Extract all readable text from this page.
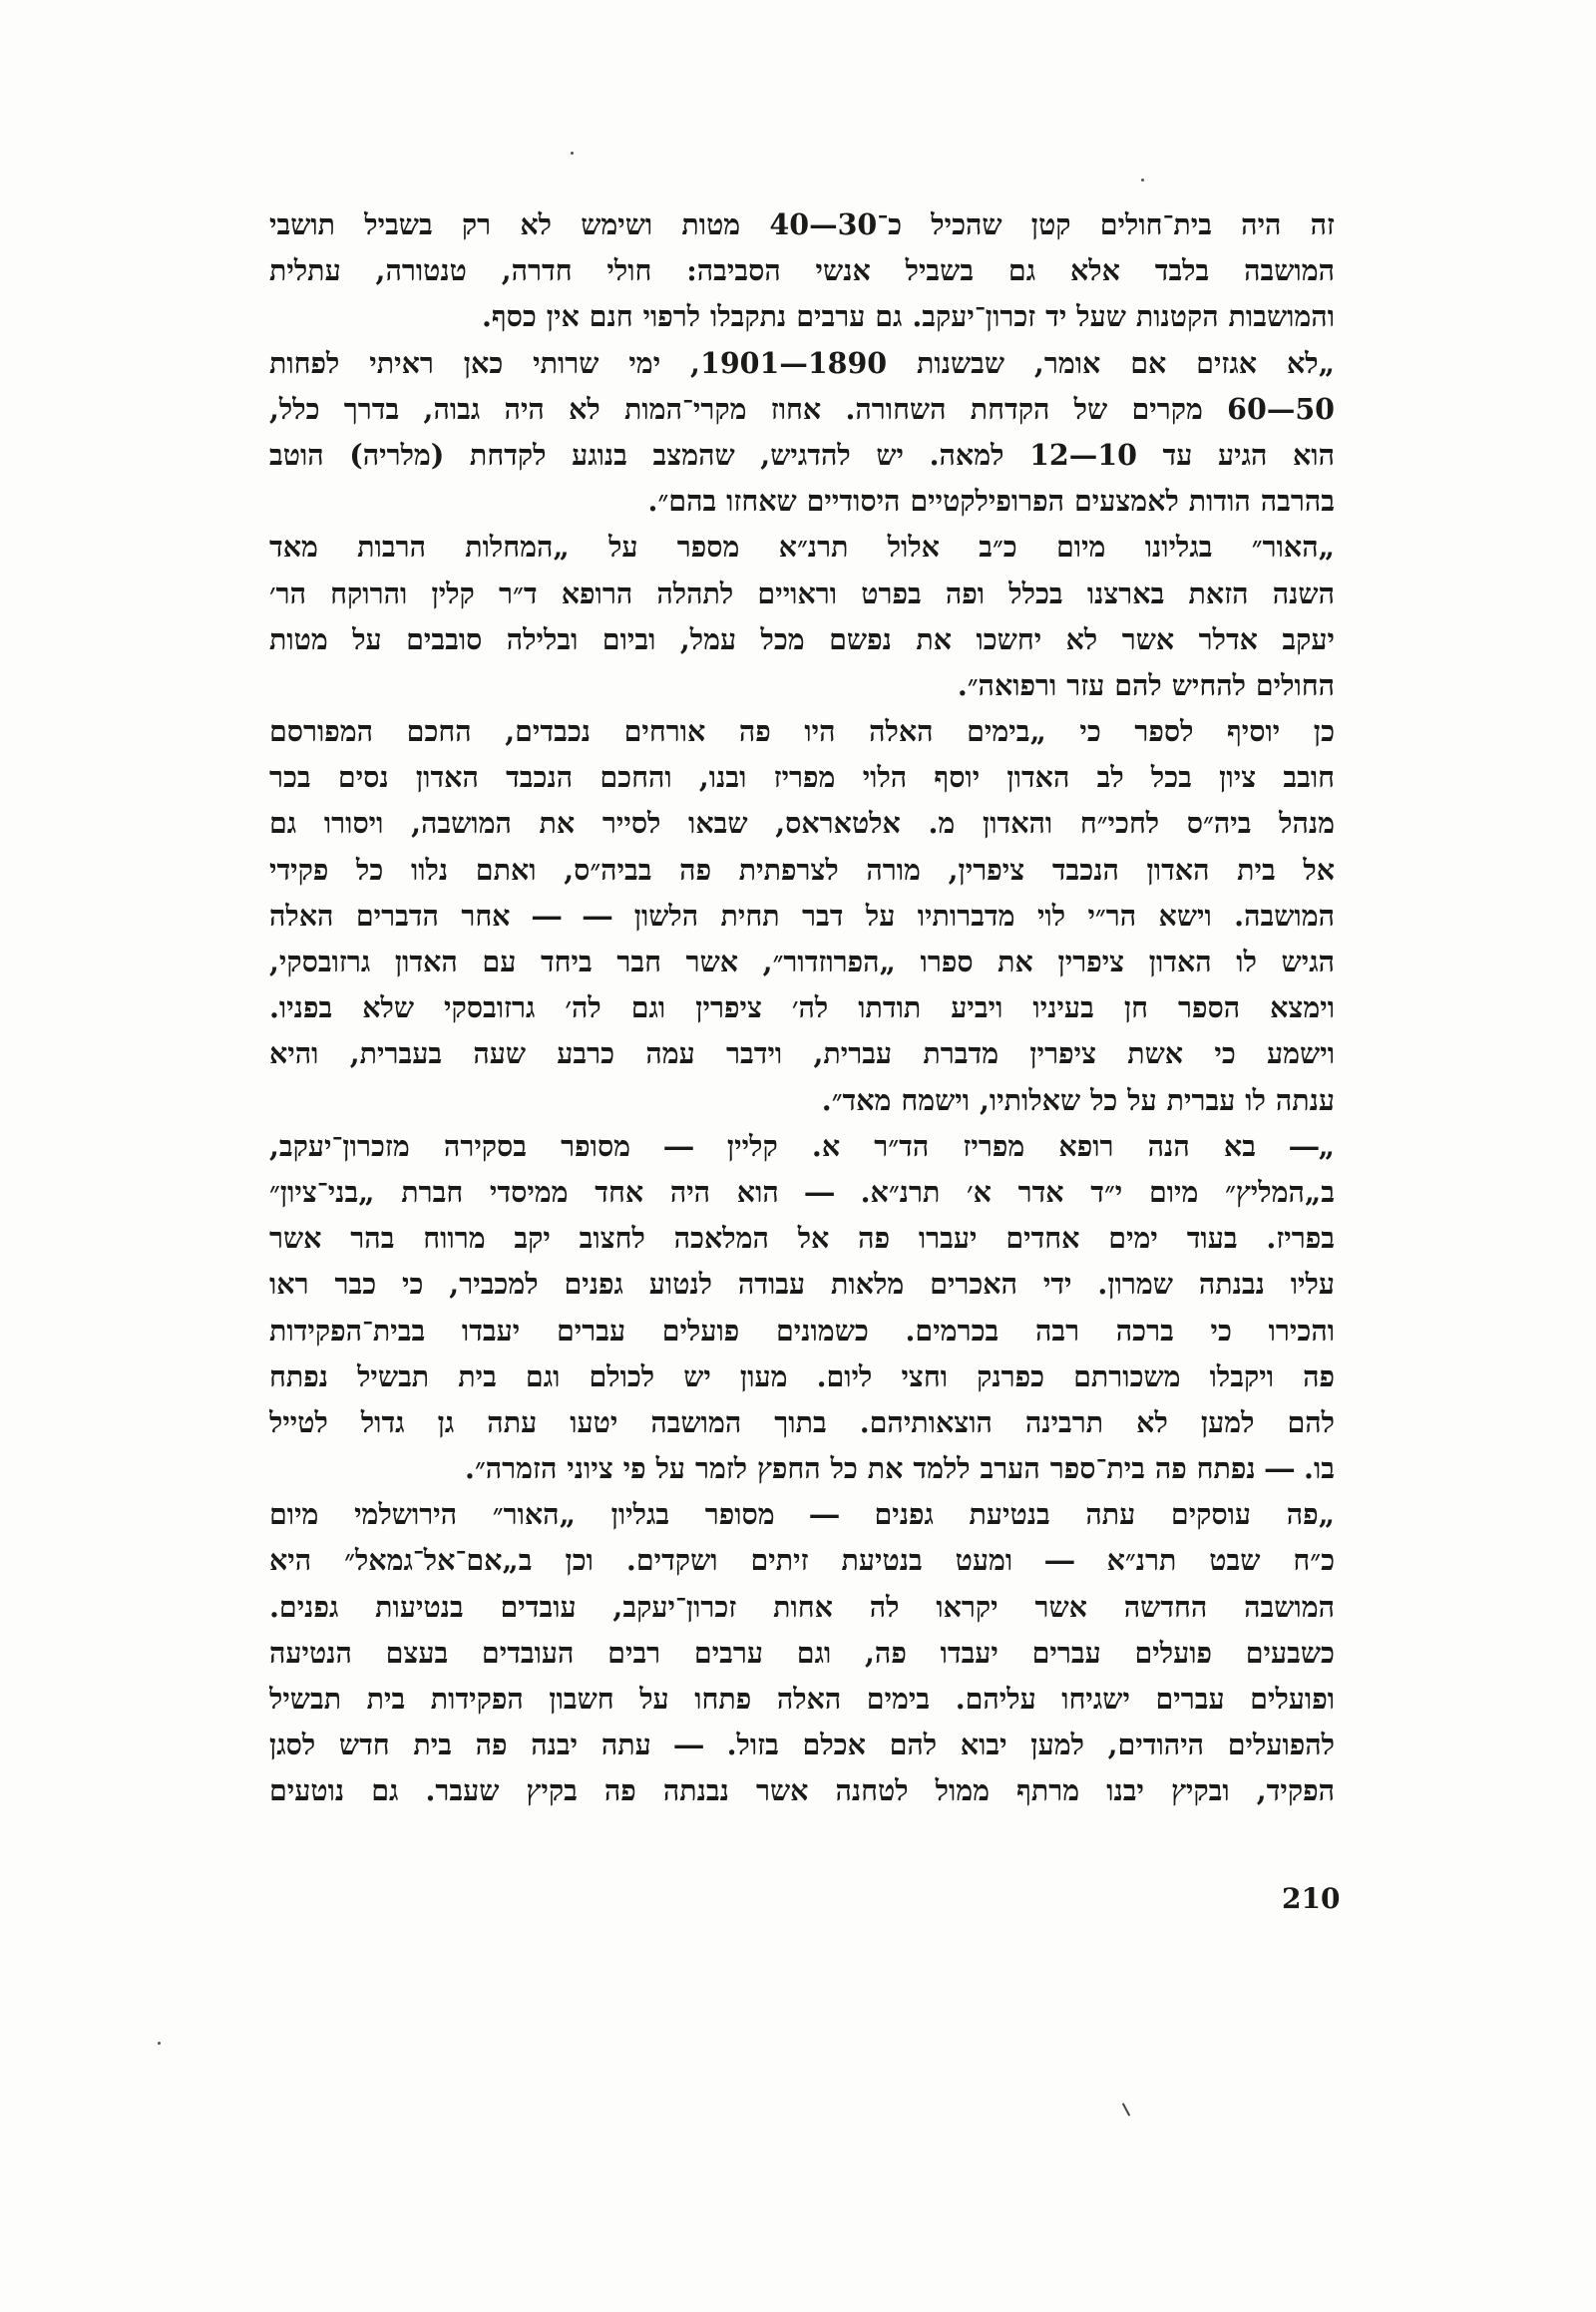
זה היה בית־חולים קטן שהכיל כ־30—40 מטות ושימש לא רק בשביל תושבי
המושבה בלבד אלא גם בשביל אנשי הסביבה: חולי חדרה, טנטורה, עתלית
והמושבות הקטנות שעל יד זכרון־יעקב. גם ערבים נתקבלו לרפוי חנם אין כסף.
„לא אגזים אם אומר, שבשנות 1890—1901, ימי שרותי כאן ראיתי לפחות
50—60 מקרים של הקדחת השחורה. אחוז מקרי־המות לא היה גבוה, בדרך כלל,
הוא הגיע עד 10—12 למאה. יש להדגיש, שהמצב בנוגע לקדחת (מלריה) הוטב
בהרבה הודות לאמצעים הפרופילקטיים היסודיים שאחזו בהם״.
„האור״ בגליונו מיום כ״ב אלול תרנ״א מספר על „המחלות הרבות מאד
השנה הזאת בארצנו בכלל ופה בפרט וראויים לתהלה הרופא ד״ר קלין והרוקח הר׳
יעקב אדלר אשר לא יחשכו את נפשם מכל עמל, וביום ובלילה סובבים על מטות
החולים להחיש להם עזר ורפואה״.
כן יוסיף לספר כי „בימים האלה היו פה אורחים נכבדים, החכם המפורסם
חובב ציון בכל לב האדון יוסף הלוי מפריז ובנו, והחכם הנכבד האדון נסים בכר
מנהל ביה״ס לחכי״ח והאדון מ. אלטאראס, שבאו לסייר את המושבה, ויסורו גם
אל בית האדון הנכבד ציפרין, מורה לצרפתית פה בביה״ס, ואתם נלוו כל פקידי
המושבה. וישא הר״י לוי מדברותיו על דבר תחית הלשון ― ― אחר הדברים האלה
הגיש לו האדון ציפרין את ספרו „הפרוזדור״, אשר חבר ביחד עם האדון גרזובסקי,
וימצא הספר חן בעיניו ויביע תודתו לה׳ ציפרין וגם לה׳ גרזובסקי שלא בפניו.
וישמע כי אשת ציפרין מדברת עברית, וידבר עמה כרבע שעה בעברית, והיא
ענתה לו עברית על כל שאלותיו, וישמח מאד״.
„― בא הנה רופא מפריז הד״ר א. קליין ― מסופר בסקירה מזכרון־יעקב,
ב„המליץ״ מיום י״ד אדר א׳ תרנ״א. ― הוא היה אחד ממיסדי חברת „בני־ציון״
בפריז. בעוד ימים אחדים יעברו פה אל המלאכה לחצוב יקב מרווח בהר אשר
עליו נבנתה שמרון. ידי האכרים מלאות עבודה לנטוע גפנים למכביר, כי כבר ראו
והכירו כי ברכה רבה בכרמים. כשמונים פועלים עברים יעבדו בבית־הפקידות
פה ויקבלו משכורתם כפרנק וחצי ליום. מעון יש לכולם וגם בית תבשיל נפתח
להם למען לא תרבינה הוצאותיהם. בתוך המושבה יטעו עתה גן גדול לטייל
בו. ― נפתח פה בית־ספר הערב ללמד את כל החפץ לזמר על פי ציוני הזמרה״.
„פה עוסקים עתה בנטיעת גפנים ― מסופר בגליון „האור״ הירושלמי מיום
כ״ח שבט תרנ״א ― ומעט בנטיעת זיתים ושקדים. וכן ב„אם־אל־גמאל״ היא
המושבה החדשה אשר יקראו לה אחות זכרון־יעקב, עובדים בנטיעות גפנים.
כשבעים פועלים עברים יעבדו פה, וגם ערבים רבים העובדים בעצם הנטיעה
ופועלים עברים ישגיחו עליהם. בימים האלה פתחו על חשבון הפקידות בית תבשיל
להפועלים היהודים, למען יבוא להם אכלם בזול. ― עתה יבנה פה בית חדש לסגן
הפקיד, ובקיץ יבנו מרתף ממול לטחנה אשר נבנתה פה בקיץ שעבר. גם נוטעים
210
